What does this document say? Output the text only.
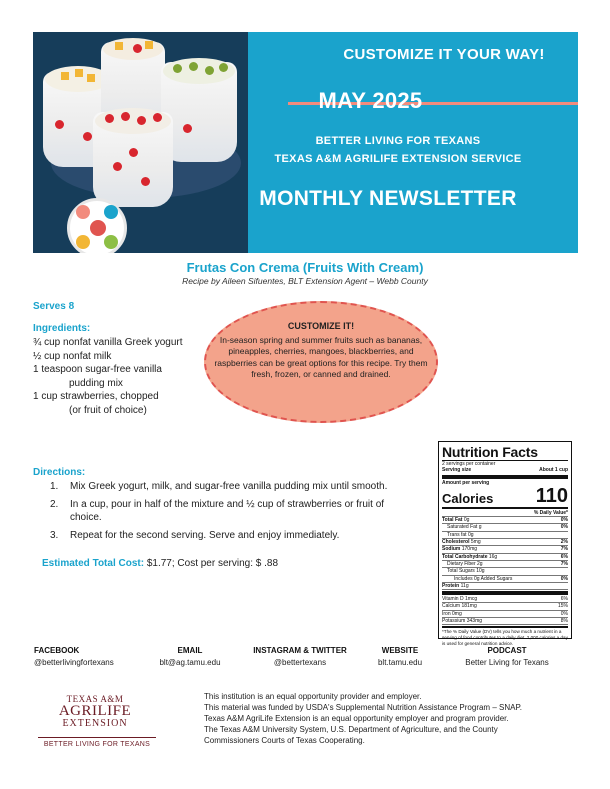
CUSTOMIZE IT YOUR WAY!
MAY 2025
BETTER LIVING FOR TEXANS
TEXAS A&M AGRILIFE EXTENSION SERVICE
MONTHLY NEWSLETTER
Frutas Con Crema (Fruits With Cream)
Recipe by Aileen Sifuentes, BLT Extension Agent – Webb County
Serves 8
Ingredients:
¾ cup nonfat vanilla Greek yogurt
½ cup nonfat milk
1 teaspoon sugar-free vanilla
pudding mix
1 cup strawberries, chopped
(or fruit of choice)
CUSTOMIZE IT!
In-season spring and summer fruits such as bananas, pineapples, cherries, mangoes, blackberries, and raspberries can be great options for this recipe. Try them fresh, frozen, or canned and drained.
Directions:
1. Mix Greek yogurt, milk, and sugar-free vanilla pudding mix until smooth.
2. In a cup, pour in half of the mixture and ½ cup of strawberries or fruit of choice.
3. Repeat for the second serving. Serve and enjoy immediately.
Estimated Total Cost: $1.77; Cost per serving: $ .88
Nutrition Facts
2 servings per container
Serving size	About 1 cup
Amount per serving
Calories 110
% Daily Value*
Total Fat 0g	0%
Saturated Fat g	0%
Trans fat 0g
Cholesterol 5mg	2%
Sodium 170mg	7%
Total Carbohydrate 16g	6%
Dietary Fiber 2g	7%
Total Sugars 10g
Includes 0g Added Sugars	0%
Protein 11g
Vitamin D 1mcg	6%
Calcium 181mg	15%
Iron 0mg	0%
Potassium 343mg	8%
*The % Daily Value (DV) tells you how much a nutrient in a serving of food contributes to a daily diet. 2,000 calories a day is used for general nutrition advice.
FACEBOOK
@betterlivingfortexans
EMAIL
blt@ag.tamu.edu
INSTAGRAM & TWITTER
@bettertexans
WEBSITE
blt.tamu.edu
PODCAST
Better Living for Texans
TEXAS A&M
AGRILIFE
EXTENSION
BETTER LIVING FOR TEXANS
This institution is an equal opportunity provider and employer.
This material was funded by USDA's Supplemental Nutrition Assistance Program – SNAP.
Texas A&M AgriLife Extension is an equal opportunity employer and program provider.
The Texas A&M University System, U.S. Department of Agriculture, and the County
Commissioners Courts of Texas Cooperating.
